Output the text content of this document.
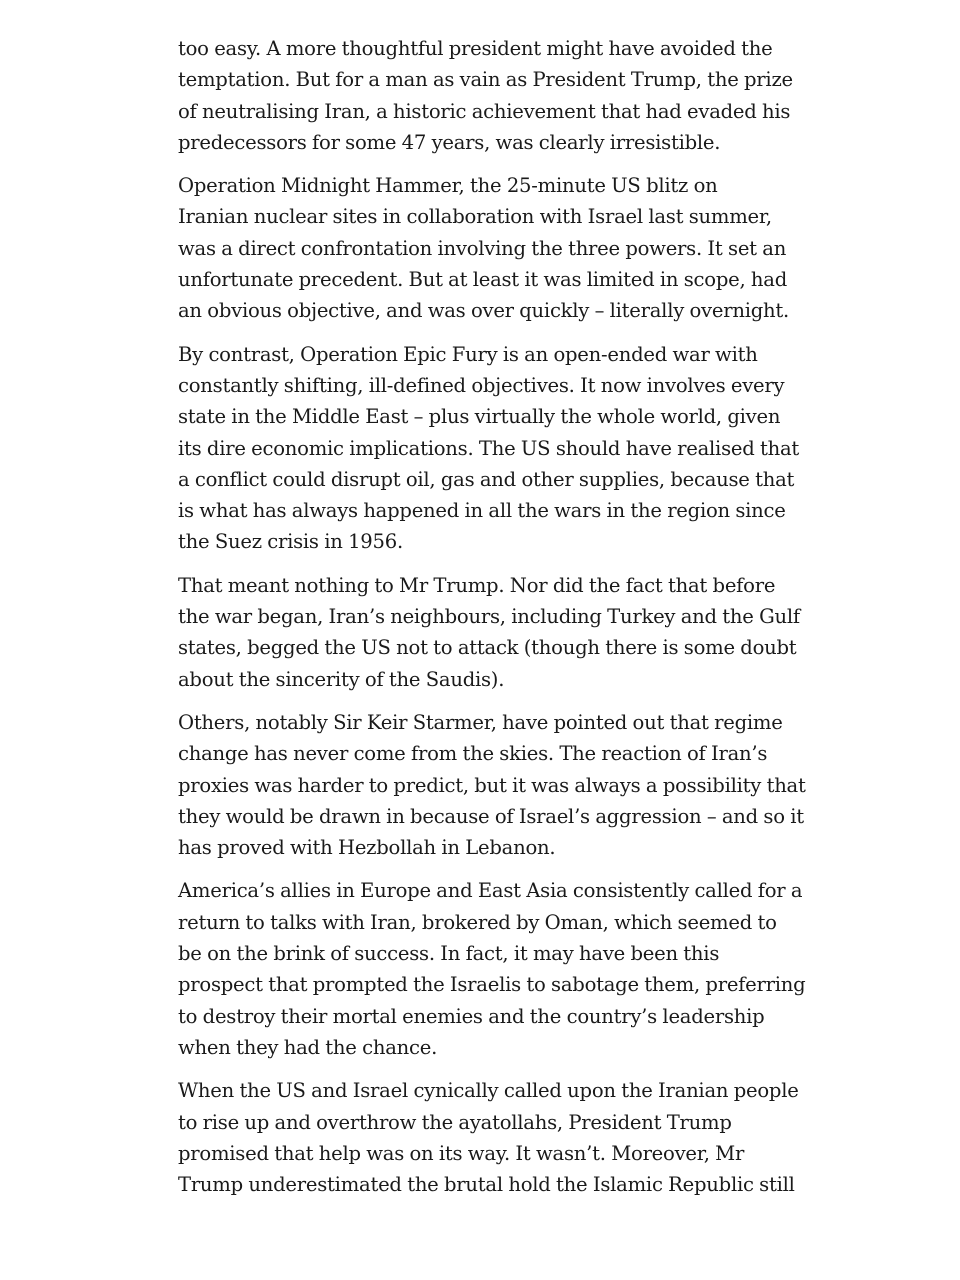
too easy. A more thoughtful president might have avoided the
temptation. But for a man as vain as President Trump, the prize
of neutralising Iran, a historic achievement that had evaded his
predecessors for some 47 years, was clearly irresistible.

Operation Midnight Hammer, the 25-minute US blitz on
Iranian nuclear sites in collaboration with Israel last summer,
was a direct confrontation involving the three powers. It set an
unfortunate precedent. But at least it was limited in scope, had
an obvious objective, and was over quickly – literally overnight.

By contrast, Operation Epic Fury is an open-ended war with
constantly shifting, ill-defined objectives. It now involves every
state in the Middle East – plus virtually the whole world, given
its dire economic implications. The US should have realised that
a conflict could disrupt oil, gas and other supplies, because that
is what has always happened in all the wars in the region since
the Suez crisis in 1956.

That meant nothing to Mr Trump. Nor did the fact that before
the war began, Iran’s neighbours, including Turkey and the Gulf
states, begged the US not to attack (though there is some doubt
about the sincerity of the Saudis).

Others, notably Sir Keir Starmer, have pointed out that regime
change has never come from the skies. The reaction of Iran’s
proxies was harder to predict, but it was always a possibility that
they would be drawn in because of Israel’s aggression – and so it
has proved with Hezbollah in Lebanon.

America’s allies in Europe and East Asia consistently called for a
return to talks with Iran, brokered by Oman, which seemed to
be on the brink of success. In fact, it may have been this
prospect that prompted the Israelis to sabotage them, preferring
to destroy their mortal enemies and the country’s leadership
when they had the chance.

When the US and Israel cynically called upon the Iranian people
to rise up and overthrow the ayatollahs, President Trump
promised that help was on its way. It wasn’t. Moreover, Mr
Trump underestimated the brutal hold the Islamic Republic still
